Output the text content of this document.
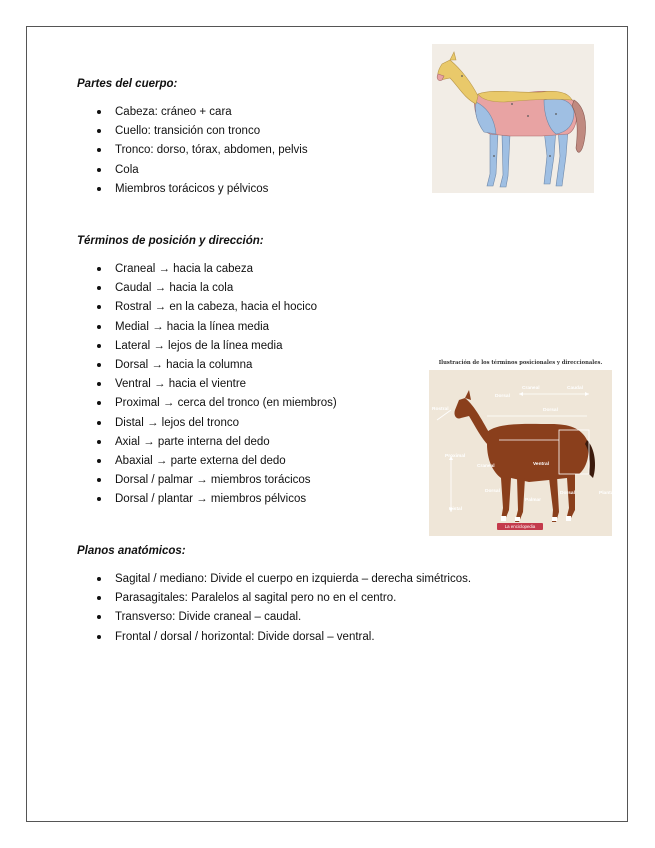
Partes del cuerpo:
Cabeza: cráneo + cara
Cuello: transición con tronco
Tronco: dorso, tórax, abdomen, pelvis
Cola
Miembros torácicos y pélvicos
Términos de posición y dirección:
Craneal → hacia la cabeza
Caudal → hacia la cola
Rostral → en la cabeza, hacia el hocico
Medial → hacia la línea media
Lateral → lejos de la línea media
Dorsal → hacia la columna
Ventral → hacia el vientre
Proximal → cerca del tronco (en miembros)
Distal → lejos del tronco
Axial → parte interna del dedo
Abaxial → parte externa del dedo
Dorsal / palmar → miembros torácicos
Dorsal / plantar → miembros pélvicos
Planos anatómicos:
Sagital / mediano: Divide el cuerpo en izquierda – derecha simétricos.
Parasagitales: Paralelos al sagital pero no en el centro.
Transverso: Divide craneal – caudal.
Frontal / dorsal / horizontal: Divide dorsal – ventral.
Ilustración de los términos posicionales y direccionales.
Craneal	Caudal
Dorsal
Dorsal
Rostral
Proximal
Distal
Ventral
Craneal
Dorsal	Dorsal
Palmar
Plantar
La enciclopedia
